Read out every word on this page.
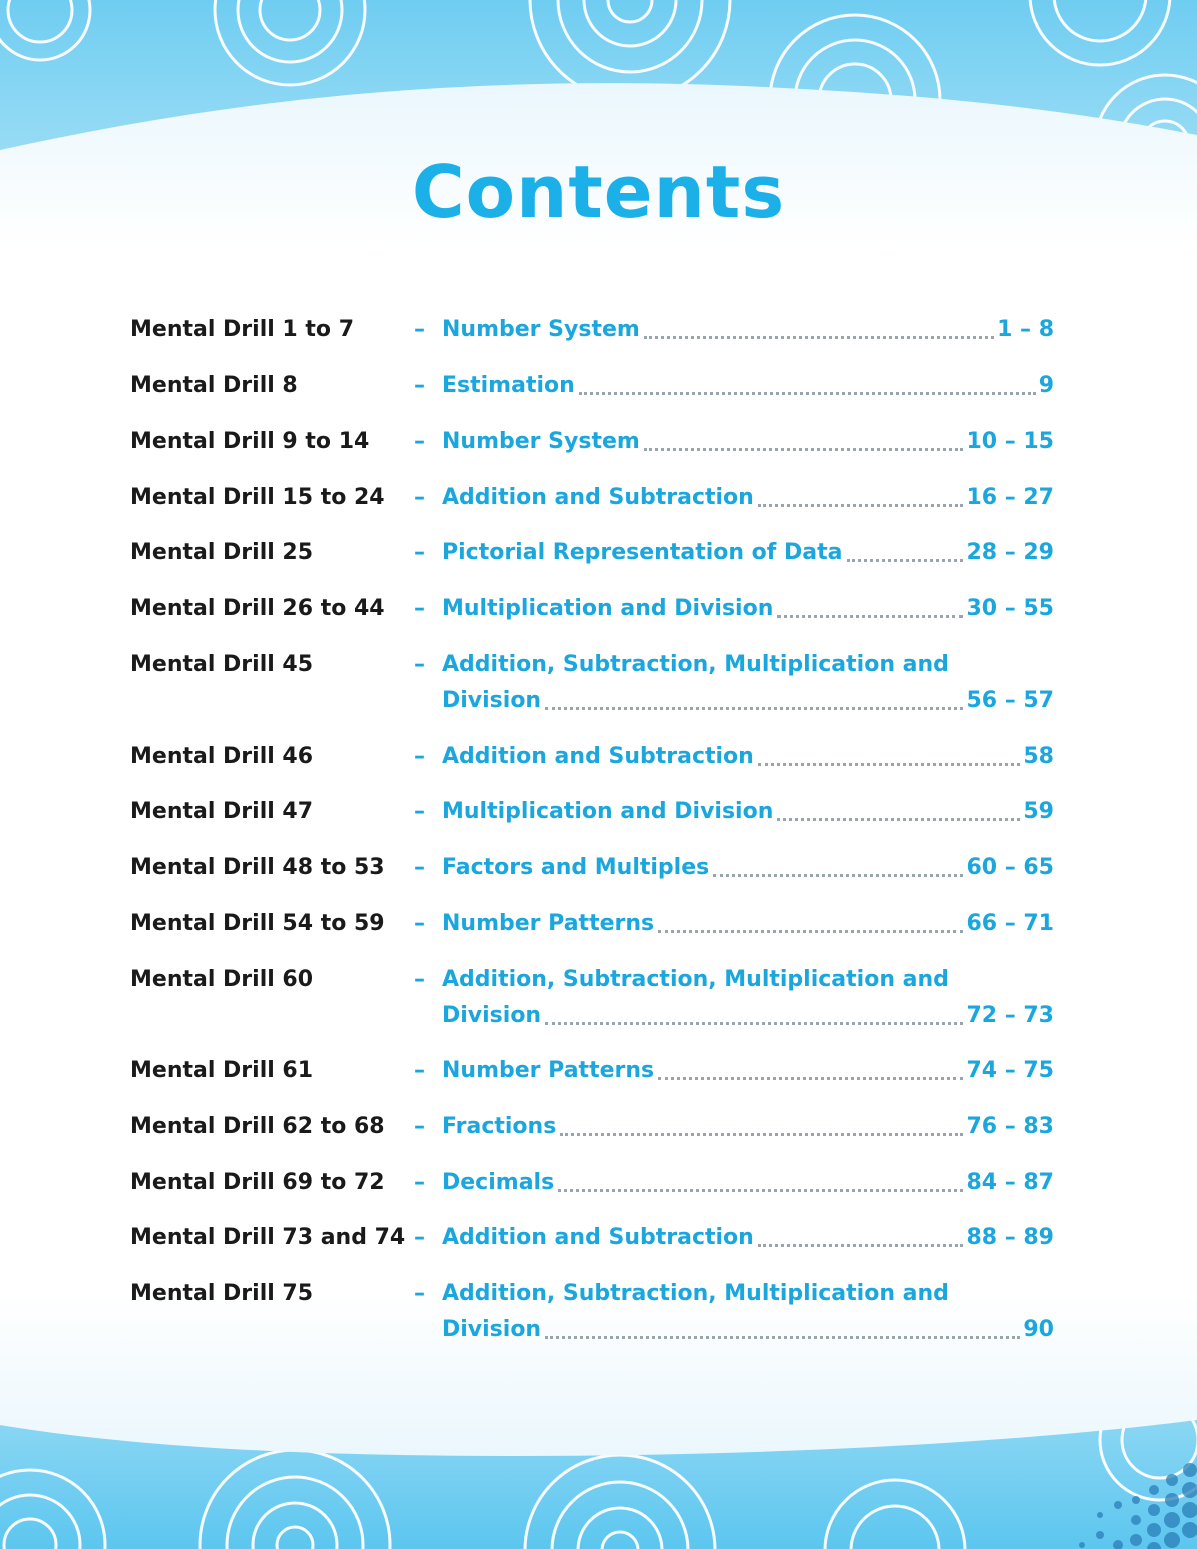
Contents
Mental Drill 1 to 7	– Number System	1 – 8
Mental Drill 8	– Estimation	9
Mental Drill 9 to 14 – Number System	10 – 15
Mental Drill 15 to 24 – Addition and Subtraction	16 – 27
Mental Drill 25	– Pictorial Representation of Data	28 – 29
Mental Drill 26 to 44 – Multiplication and Division	30 – 55
Mental Drill 45	– Addition, Subtraction, Multiplication and
Division	56 – 57
Mental Drill 46	– Addition and Subtraction	58
Mental Drill 47	– Multiplication and Division	59
Mental Drill 48 to 53 – Factors and Multiples	60 – 65
Mental Drill 54 to 59 – Number Patterns	66 – 71
Mental Drill 60	– Addition, Subtraction, Multiplication and
Division	72 – 73
Mental Drill 61	– Number Patterns	74 – 75
Mental Drill 62 to 68 – Fractions	76 – 83
Mental Drill 69 to 72 – Decimals	84 – 87
Mental Drill 73 and 74 – Addition and Subtraction	88 – 89
Mental Drill 75	– Addition, Subtraction, Multiplication and
Division	90
